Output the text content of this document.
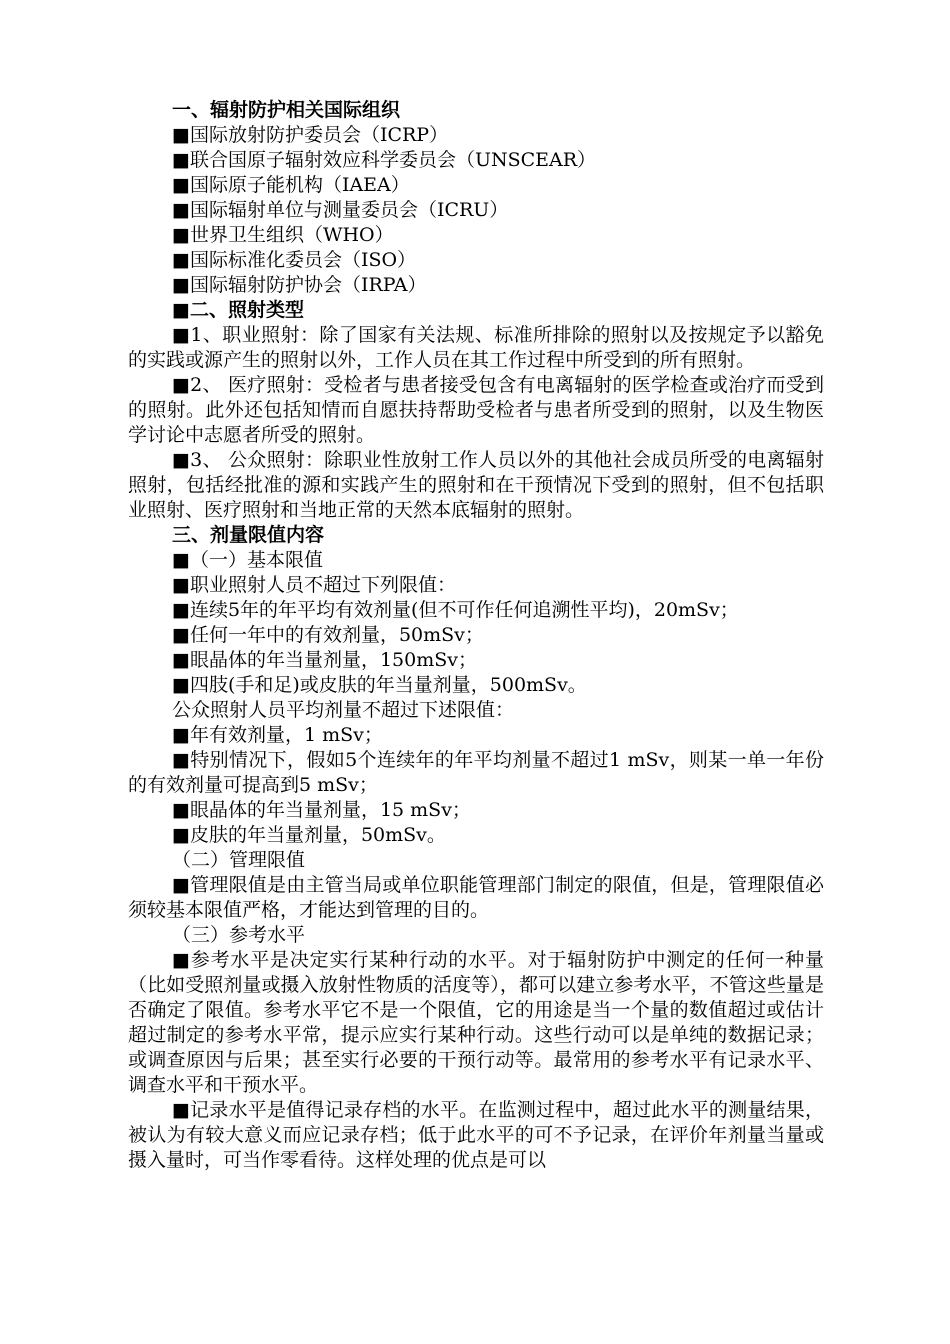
一、辐射防护相关国际组织
■国际放射防护委员会（ICRP）
■联合国原子辐射效应科学委员会（UNSCEAR）
■国际原子能机构（IAEA）
■国际辐射单位与测量委员会（ICRU）
■世界卫生组织（WHO）
■国际标准化委员会（ISO）
■国际辐射防护协会（IRPA）
■二、照射类型

■1、职业照射：除了国家有关法规、标准所排除的照射以及按规定予以豁免的实践或源产生的照射以外，工作人员在其工作过程中所受到的所有照射。

■2、 医疗照射：受检者与患者接受包含有电离辐射的医学检查或治疗而受到的照射。此外还包括知情而自愿扶持帮助受检者与患者所受到的照射，以及生物医学讨论中志愿者所受的照射。

■3、 公众照射：除职业性放射工作人员以外的其他社会成员所受的电离辐射照射，包括经批准的源和实践产生的照射和在干预情况下受到的照射，但不包括职业照射、医疗照射和当地正常的天然本底辐射的照射。

三、剂量限值内容
■（一）基本限值
■职业照射人员不超过下列限值：
■连续5年的年平均有效剂量(但不可作任何追溯性平均)，20mSv；
■任何一年中的有效剂量，50mSv；
■眼晶体的年当量剂量，150mSv；
■四肢(手和足)或皮肤的年当量剂量，500mSv。
公众照射人员平均剂量不超过下述限值：
■年有效剂量，1 mSv；

■特别情况下，假如5个连续年的年平均剂量不超过1 mSv，则某一单一年份的有效剂量可提高到5 mSv；

■眼晶体的年当量剂量，15 mSv；
■皮肤的年当量剂量，50mSv。
（二）管理限值

■管理限值是由主管当局或单位职能管理部门制定的限值，但是，管理限值必须较基本限值严格，才能达到管理的目的。

（三）参考水平

■参考水平是决定实行某种行动的水平。对于辐射防护中测定的任何一种量（比如受照剂量或摄入放射性物质的活度等），都可以建立参考水平，不管这些量是否确定了限值。参考水平它不是一个限值，它的用途是当一个量的数值超过或估计超过制定的参考水平常，提示应实行某种行动。这些行动可以是单纯的数据记录；或调查原因与后果；甚至实行必要的干预行动等。最常用的参考水平有记录水平、调查水平和干预水平。

■记录水平是值得记录存档的水平。在监测过程中，超过此水平的测量结果，被认为有较大意义而应记录存档；低于此水平的可不予记录，在评价年剂量当量或摄入量时，可当作零看待。这样处理的优点是可以
